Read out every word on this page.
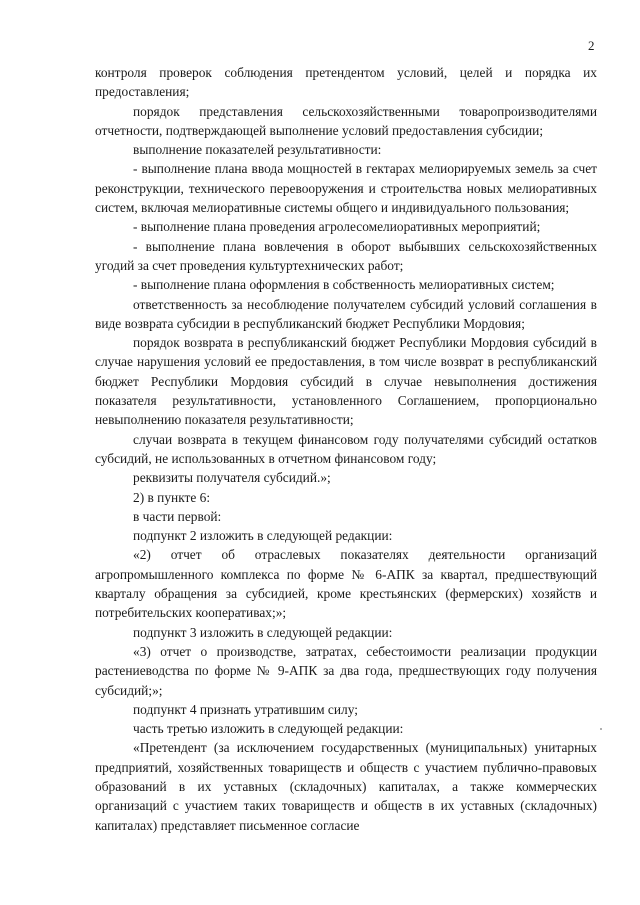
2

контроля проверок соблюдения претендентом условий, целей и порядка их предоставления;

порядок представления сельскохозяйственными товаропроизводителями отчетности, подтверждающей выполнение условий предоставления субсидии;

выполнение показателей результативности:

- выполнение плана ввода мощностей в гектарах мелиорируемых земель за счет реконструкции, технического перевооружения и строительства новых мелиоративных систем, включая мелиоративные системы общего и индивидуального пользования;

- выполнение плана проведения агролесомелиоративных мероприятий;

- выполнение плана вовлечения в оборот выбывших сельскохозяйственных угодий за счет проведения культуртехнических работ;

- выполнение плана оформления в собственность мелиоративных систем;

ответственность за несоблюдение получателем субсидий условий соглашения в виде возврата субсидии в республиканский бюджет Республики Мордовия;

порядок возврата в республиканский бюджет Республики Мордовия субсидий в случае нарушения условий ее предоставления, в том числе возврат в республиканский бюджет Республики Мордовия субсидий в случае невыполнения достижения показателя результативности, установленного Соглашением, пропорционально невыполнению показателя результативности;

случаи возврата в текущем финансовом году получателями субсидий остатков субсидий, не использованных в отчетном финансовом году;

реквизиты получателя субсидий.»;

2) в пункте 6:

в части первой:

подпункт 2 изложить в следующей редакции:

«2) отчет об отраслевых показателях деятельности организаций агропромышленного комплекса по форме № 6-АПК за квартал, предшествующий кварталу обращения за субсидией, кроме крестьянских (фермерских) хозяйств и потребительских кооперативах;»;

подпункт 3 изложить в следующей редакции:

«3) отчет о производстве, затратах, себестоимости реализации продукции растениеводства по форме № 9-АПК за два года, предшествующих году получения субсидий;»;

подпункт 4 признать утратившим силу;

часть третью изложить в следующей редакции:

«Претендент (за исключением государственных (муниципальных) унитарных предприятий, хозяйственных товариществ и обществ с участием публично-правовых образований в их уставных (складочных) капиталах, а также коммерческих организаций с участием таких товариществ и обществ в их уставных (складочных) капиталах) представляет письменное согласие
